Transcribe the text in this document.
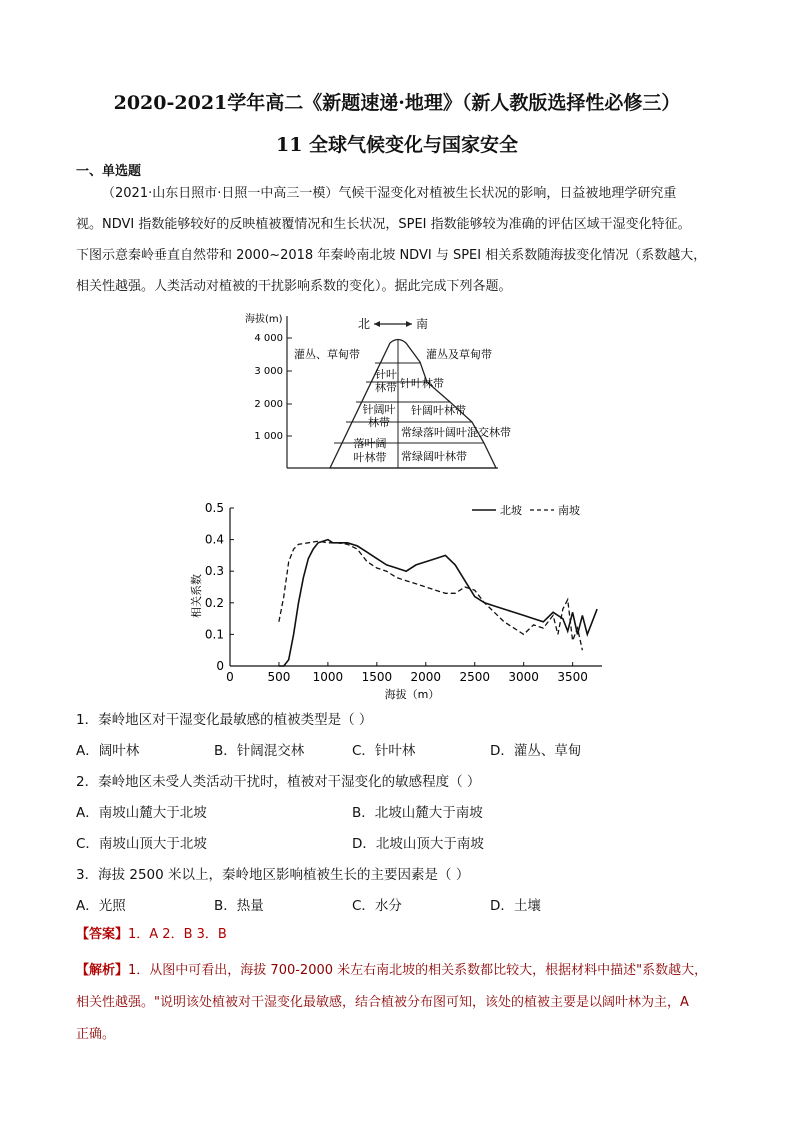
2020-2021学年高二《新题速递·地理》（新人教版选择性必修三）
11 全球气候变化与国家安全
一、单选题

（2021·山东日照市·日照一中高三一模）气候干湿变化对植被生长状况的影响，日益被地理学研究重

视。NDVI 指数能够较好的反映植被覆情况和生长状况，SPEI 指数能够较为准确的评估区域干湿变化特征。

下图示意秦岭垂直自然带和 2000~2018 年秦岭南北坡 NDVI 与 SPEI 相关系数随海拔变化情况（系数越大，

相关性越强。人类活动对植被的干扰影响系数的变化）。据此完成下列各题。

海拔(m)
1 000
2 000
3 000
4 000
北	南
灌丛、草甸带
针叶
林带
针阔叶
林带
落叶阔
叶林带
灌丛及草甸带
针叶林带
针阔叶林带
常绿落叶阔叶混交林带
常绿阔叶林带
0
0.1
0.2
0.3
0.4
0.5
0	500 1000 1500 2000 2500 3000 3500
相关系数
海拔（m）
北坡	南坡
1．秦岭地区对干湿变化最敏感的植被类型是（ ）
A．阔叶林	B．针阔混交林	C．针叶林	D．灌丛、草甸
2．秦岭地区未受人类活动干扰时，植被对干湿变化的敏感程度（ ）
A．南坡山麓大于北坡	B．北坡山麓大于南坡
C．南坡山顶大于北坡	D．北坡山顶大于南坡
3．海拔 2500 米以上，秦岭地区影响植被生长的主要因素是（ ）
A．光照	B．热量	C．水分	D．土壤
【答案】1．A 2．B 3．B
【解析】1．从图中可看出，海拔 700-2000 米左右南北坡的相关系数都比较大，根据材料中描述"系数越大，
相关性越强。"说明该处植被对干湿变化最敏感，结合植被分布图可知，该处的植被主要是以阔叶林为主，A
正确。
